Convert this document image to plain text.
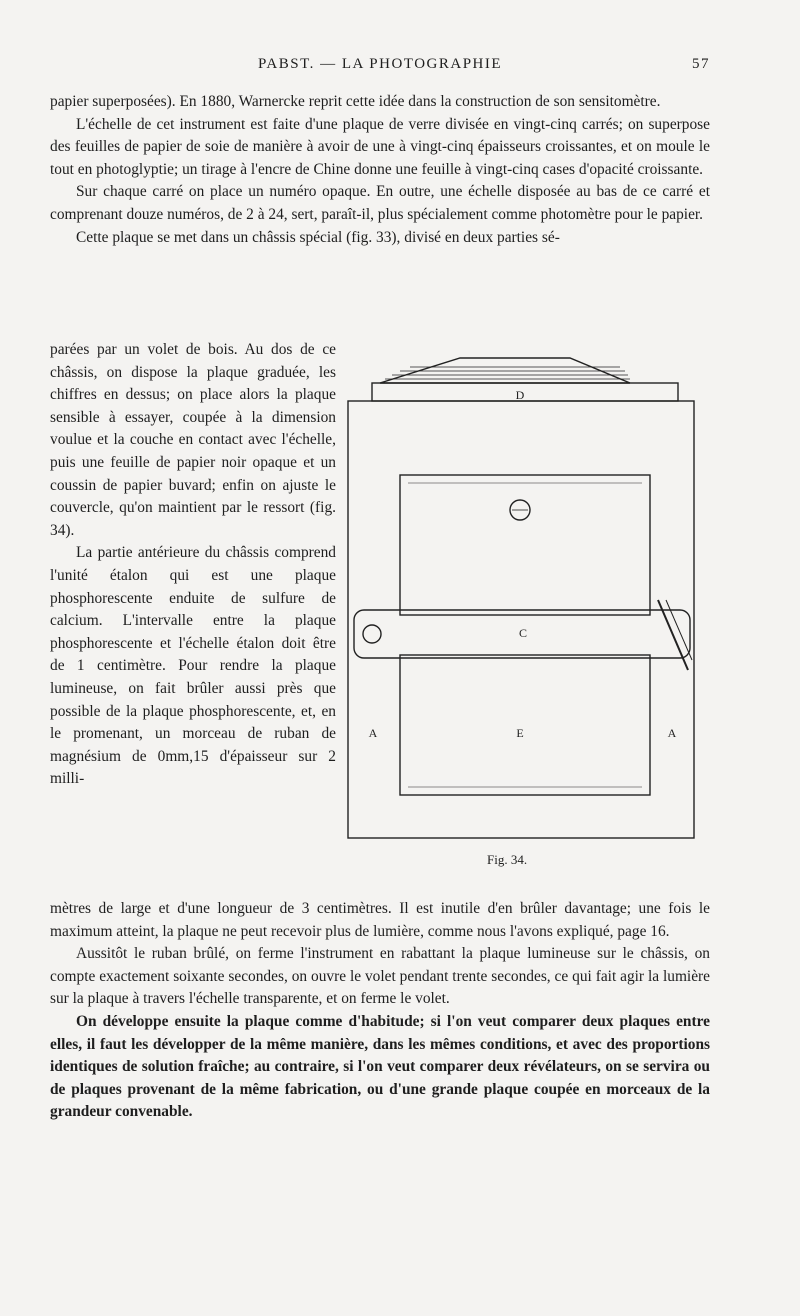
PABST. — LA PHOTOGRAPHIE	57

papier superposées). En 1880, Warnercke reprit cette idée dans la construction de son sensitomètre.

L'échelle de cet instrument est faite d'une plaque de verre divisée en vingt-cinq carrés; on superpose des feuilles de papier de soie de manière à avoir de une à vingt-cinq épaisseurs croissantes, et on moule le tout en photoglyptie; un tirage à l'encre de Chine donne une feuille à vingt-cinq cases d'opacité croissante.

Sur chaque carré on place un numéro opaque. En outre, une échelle disposée au bas de ce carré et comprenant douze numéros, de 2 à 24, sert, paraît-il, plus spécialement comme photomètre pour le papier.

Cette plaque se met dans un châssis spécial (fig. 33), divisé en deux parties sé-

parées par un volet de bois. Au dos de ce châssis, on dispose la plaque graduée, les chiffres en dessus; on place alors la plaque sensible à essayer, coupée à la dimension voulue et la couche en contact avec l'échelle, puis une feuille de papier noir opaque et un coussin de papier buvard; enfin on ajuste le couvercle, qu'on maintient par le ressort (fig. 34).

La partie antérieure du châssis comprend l'unité étalon qui est une plaque phosphorescente enduite de sulfure de calcium. L'intervalle entre la plaque phosphorescente et l'échelle étalon doit être de 1 centimètre. Pour rendre la plaque lumineuse, on fait brûler aussi près que possible de la plaque phosphorescente, et, en le promenant, un morceau de ruban de magnésium de 0mm,15 d'épaisseur sur 2 milli-

D
C
E
A	A
Fig. 34.

mètres de large et d'une longueur de 3 centimètres. Il est inutile d'en brûler davantage; une fois le maximum atteint, la plaque ne peut recevoir plus de lumière, comme nous l'avons expliqué, page 16.

Aussitôt le ruban brûlé, on ferme l'instrument en rabattant la plaque lumineuse sur le châssis, on compte exactement soixante secondes, on ouvre le volet pendant trente secondes, ce qui fait agir la lumière sur la plaque à travers l'échelle transparente, et on ferme le volet.

On développe ensuite la plaque comme d'habitude; si l'on veut comparer deux plaques entre elles, il faut les développer de la même manière, dans les mêmes conditions, et avec des proportions identiques de solution fraîche; au contraire, si l'on veut comparer deux révélateurs, on se servira ou de plaques provenant de la même fabrication, ou d'une grande plaque coupée en morceaux de la grandeur convenable.
